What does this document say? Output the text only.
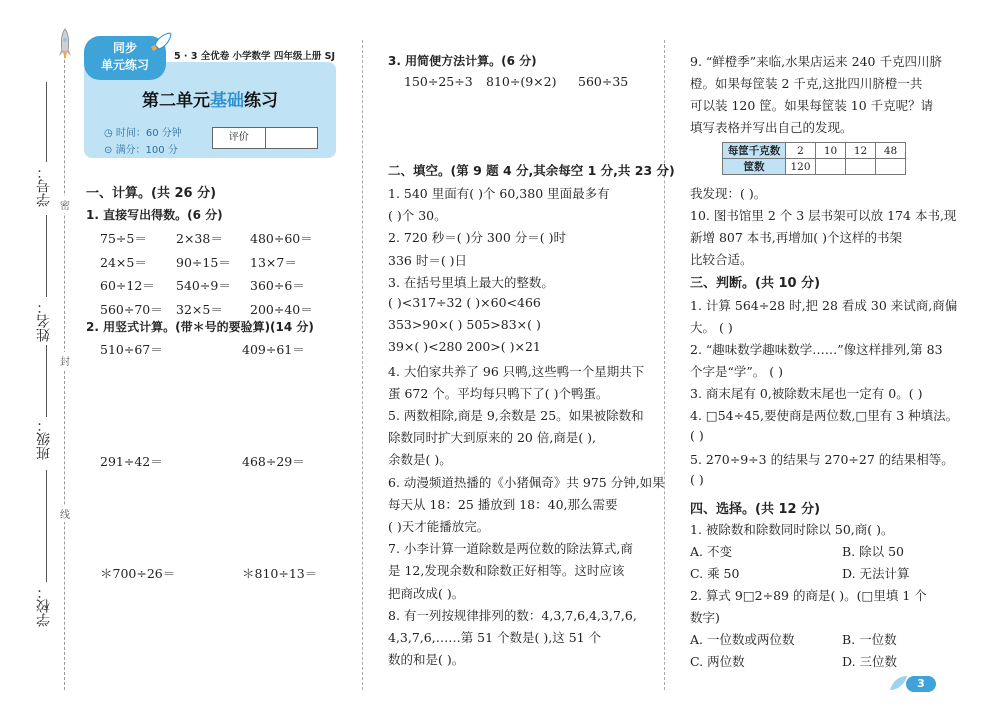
学号：
姓名：
班级：
学校：
密
封
线
同步
单元练习
5 · 3 全优卷 小学数学 四年级上册 SJ
第二单元基础练习
◷ 时间：60 分钟
⊙ 满分：100 分
评价
一、计算。(共 26 分)
1. 直接写出得数。(6 分)
75÷5＝ 2×38＝ 480÷60＝
24×5＝ 90÷15＝ 13×7＝
60÷12＝ 540÷9＝ 360÷6＝
560÷70＝ 32×5＝ 200÷40＝
2. 用竖式计算。(带＊号的要验算)(14 分)
510÷67＝	409÷61＝
291÷42＝	468÷29＝
＊700÷26＝	＊810÷13＝
3. 用简便方法计算。(6 分)
150÷25÷3 810÷(9×2) 560÷35
二、填空。(第 9 题 4 分,其余每空 1 分,共 23 分)
1. 540 里面有( )个 60,380 里面最多有
( )个 30。
2. 720 秒＝( )分 300 分＝( )时
336 时＝( )日
3. 在括号里填上最大的整数。
( )<317÷32 ( )×60<466
353>90×( ) 505>83×( )
39×( )<280 200>( )×21
4. 大伯家共养了 96 只鸭,这些鸭一个星期共下
蛋 672 个。平均每只鸭下了( )个鸭蛋。
5. 两数相除,商是 9,余数是 25。如果被除数和
除数同时扩大到原来的 20 倍,商是( ),
余数是( )。
6. 动漫频道热播的《小猪佩奇》共 975 分钟,如果
每天从 18：25 播放到 18：40,那么需要
( )天才能播放完。
7. 小李计算一道除数是两位数的除法算式,商
是 12,发现余数和除数正好相等。这时应该
把商改成( )。
8. 有一列按规律排列的数：4,3,7,6,4,3,7,6,
4,3,7,6,……第 51 个数是( ),这 51 个
数的和是( )。
9. “鲜橙季”来临,水果店运来 240 千克四川脐
橙。如果每筐装 2 千克,这批四川脐橙一共
可以装 120 筐。如果每筐装 10 千克呢？请
填写表格并写出自己的发现。
每筐千克数	2	10	12	48
筐数	120			
我发现：( )。
10. 图书馆里 2 个 3 层书架可以放 174 本书,现
新增 807 本书,再增加( )个这样的书架
比较合适。
三、判断。(共 10 分)
1. 计算 564÷28 时,把 28 看成 30 来试商,商偏
大。 ( )
2. “趣味数学趣味数学……”像这样排列,第 83
个字是“学”。 ( )
3. 商末尾有 0,被除数末尾也一定有 0。( )
4. □54÷45,要使商是两位数,□里有 3 种填法。
( )
5. 270÷9÷3 的结果与 270÷27 的结果相等。
( )
四、选择。(共 12 分)
1. 被除数和除数同时除以 50,商( )。
A. 不变	B. 除以 50
C. 乘 50	D. 无法计算
2. 算式 9□2÷89 的商是( )。(□里填 1 个
数字)
A. 一位数或两位数	B. 一位数
C. 两位数	D. 三位数
3
